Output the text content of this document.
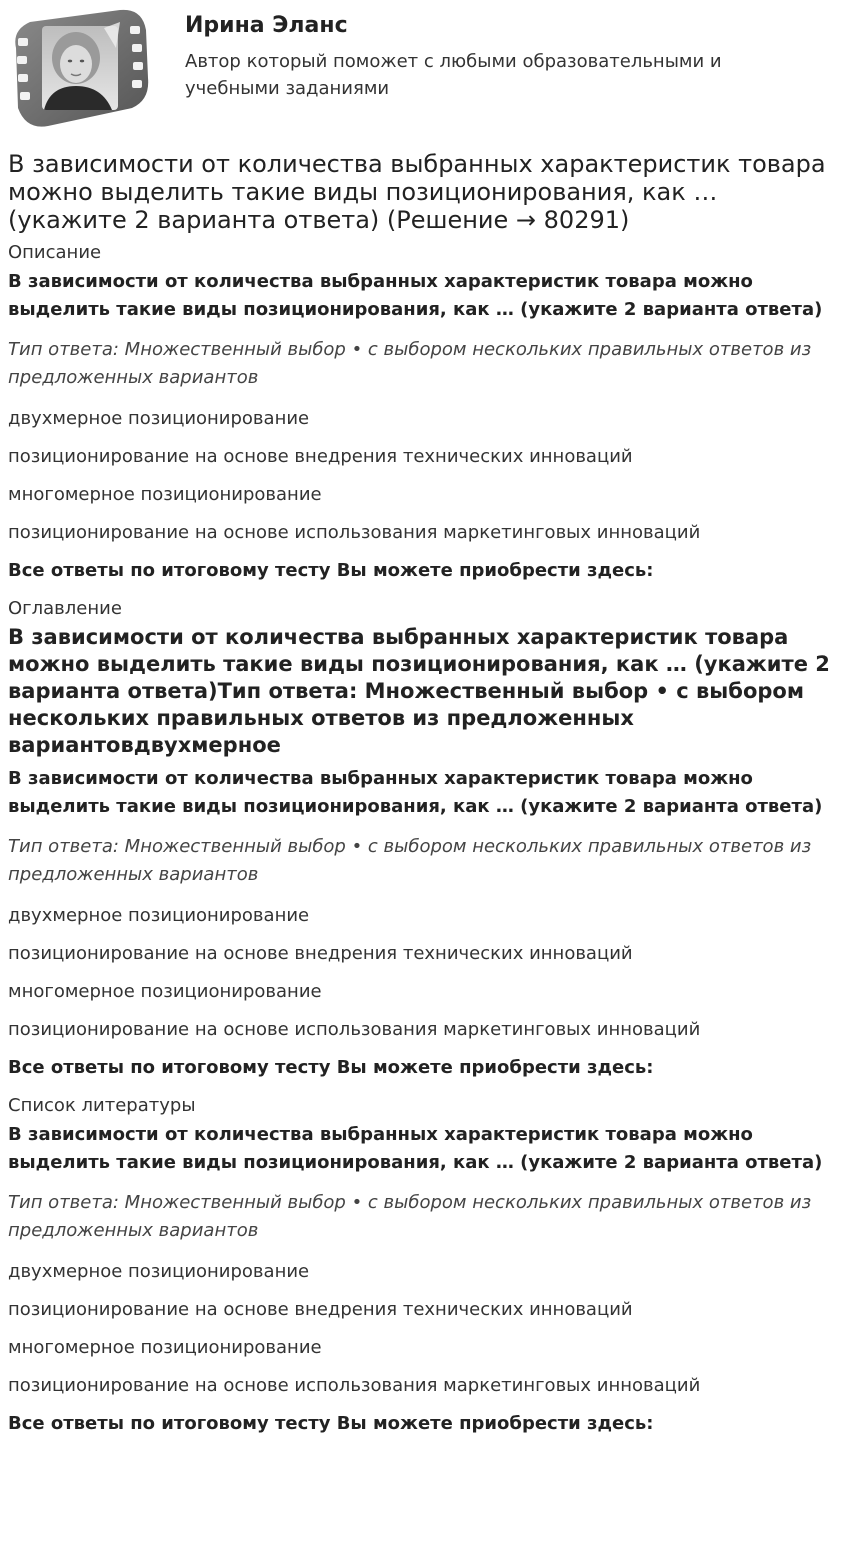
Ирина Эланс
Автор который поможет с любыми образовательными и учебными заданиями
В зависимости от количества выбранных характеристик товара можно выделить такие виды позиционирования, как … (укажите 2 варианта ответа) (Решение → 80291)
Описание

В зависимости от количества выбранных характеристик товара можно выделить такие виды позиционирования, как … (укажите 2 варианта ответа)

Тип ответа: Множественный выбор • с выбором нескольких правильных ответов из предложенных вариантов

двухмерное позиционирование

позиционирование на основе внедрения технических инноваций

многомерное позиционирование

позиционирование на основе использования маркетинговых инноваций

Все ответы по итоговому тесту Вы можете приобрести здесь:

Оглавление
В зависимости от количества выбранных характеристик товара можно выделить такие виды позиционирования, как … (укажите 2 варианта ответа)Тип ответа: Множественный выбор • с выбором нескольких правильных ответов из предложенных вариантовдвухмерное

В зависимости от количества выбранных характеристик товара можно выделить такие виды позиционирования, как … (укажите 2 варианта ответа)

Тип ответа: Множественный выбор • с выбором нескольких правильных ответов из предложенных вариантов

двухмерное позиционирование

позиционирование на основе внедрения технических инноваций

многомерное позиционирование

позиционирование на основе использования маркетинговых инноваций

Все ответы по итоговому тесту Вы можете приобрести здесь:

Список литературы

В зависимости от количества выбранных характеристик товара можно выделить такие виды позиционирования, как … (укажите 2 варианта ответа)

Тип ответа: Множественный выбор • с выбором нескольких правильных ответов из предложенных вариантов

двухмерное позиционирование

позиционирование на основе внедрения технических инноваций

многомерное позиционирование

позиционирование на основе использования маркетинговых инноваций

Все ответы по итоговому тесту Вы можете приобрести здесь:
